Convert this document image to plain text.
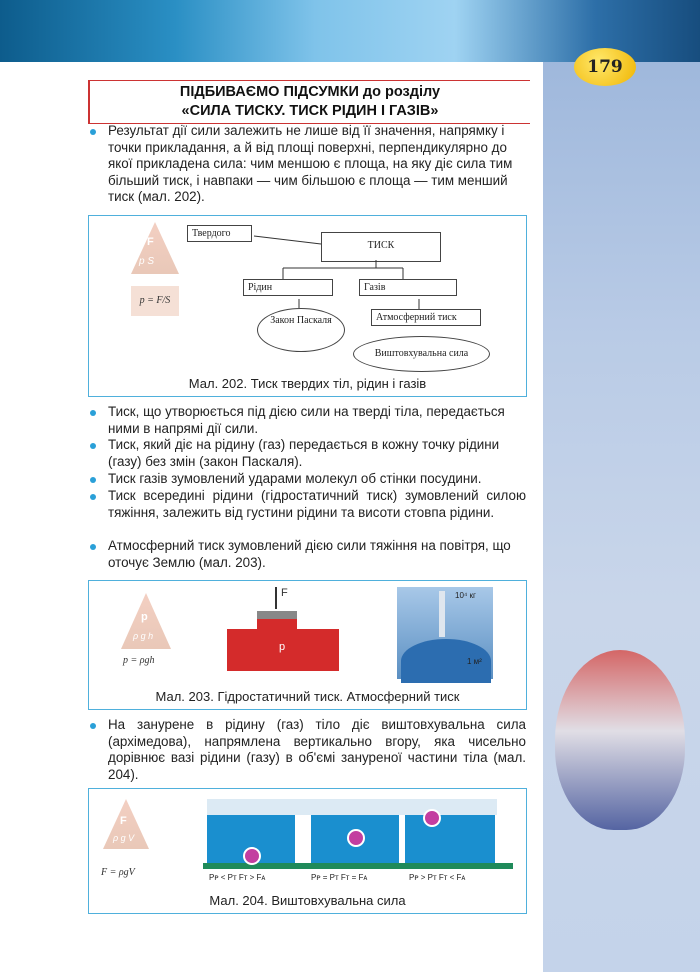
179
ПІДБИВАЄМО ПІДСУМКИ до розділу
«СИЛА ТИСКУ. ТИСК РІДИН І ГАЗІВ»
Результат дії сили залежить не лише від її значення, напрямку і точки прикладання, а й від площі поверхні, перпендикулярно до якої прикладена сила: чим меншою є площа, на яку діє сила тим більший тиск, і навпаки — чим більшою є площа — тим менший тиск (мал. 202).
F
p S
p = F/S
Твердого
ТИСК
Рідин	Газів
Закон Паскаля	Атмосферний тиск
Виштовхувальна сила
Мал. 202. Тиск твердих тіл, рідин і газів
Тиск, що утворюється під дією сили на тверді тіла, передається ними в напрямі дії сили.
Тиск, який діє на рідину (газ) передається в кожну точку рідини (газу) без змін (закон Паскаля).
Тиск газів зумовлений ударами молекул об стінки посудини.
Тиск всередині рідини (гідростатичний тиск) зумовлений силою тяжіння, залежить від густини рідини та висоти стовпа рідини.
Атмосферний тиск зумовлений дією сили тяжіння на повітря, що оточує Землю (мал. 203).
p
ρ g h
p = ρgh
F
p
10⁴ кг
1 м²
Мал. 203. Гідростатичний тиск. Атмосферний тиск
На занурене в рідину (газ) тіло діє виштовхувальна сила (архімедова), напрямлена вертикально вгору, яка чисельно дорівнює вазі рідини (газу) в об'ємі зануреної частини тіла (мал. 204).
F
ρ g V
F = ρgV	Pᴘ < Pт Fт > Fᴀ	Pᴘ = Pт Fт = Fᴀ	Pᴘ > Pт Fт < Fᴀ
Мал. 204. Виштовхувальна сила
